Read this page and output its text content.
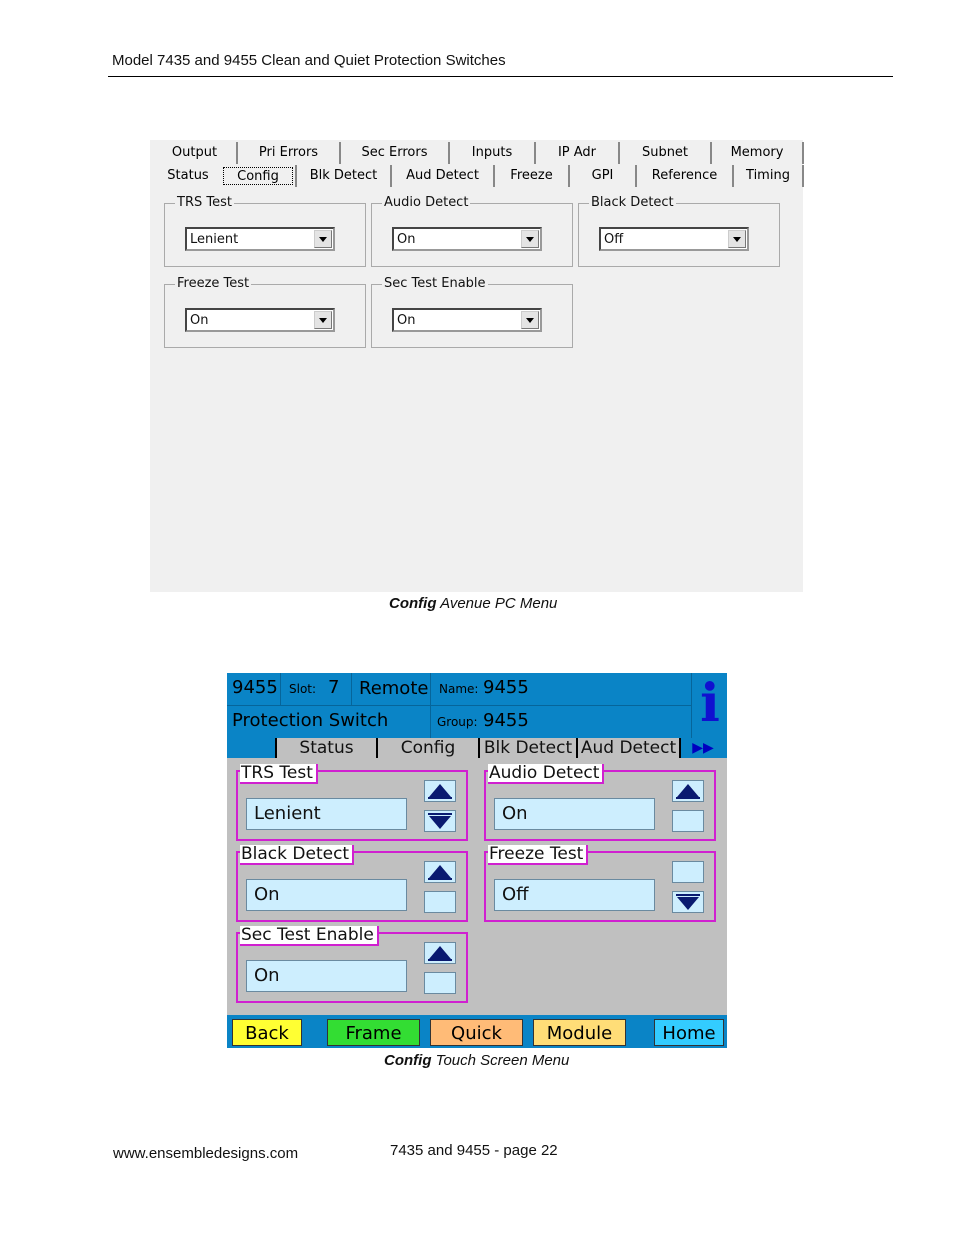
Model 7435 and 9455 Clean and Quiet Protection Switches
Output	Pri Errors	Sec Errors	Inputs	IP Adr	Subnet	Memory
Status	Config	Blk Detect	Aud Detect	Freeze	GPI	Reference	Timing
TRS Test
Lenient
Audio Detect
On
Black Detect
Off
Freeze Test
On
Sec Test Enable
On
Config Avenue PC Menu
9455 Slot: 7 Remote Name: 9455
Protection Switch	Group: 9455	i
Status	Config	Blk Detect Aud Detect	▶▶
TRS Test
Lenient
Audio Detect
On
Black Detect
On
Freeze Test
Off
Sec Test Enable
On
Back	Frame	Quick	Module	Home
Config Touch Screen Menu
www.ensembledesigns.com	7435 and 9455 - page 22
